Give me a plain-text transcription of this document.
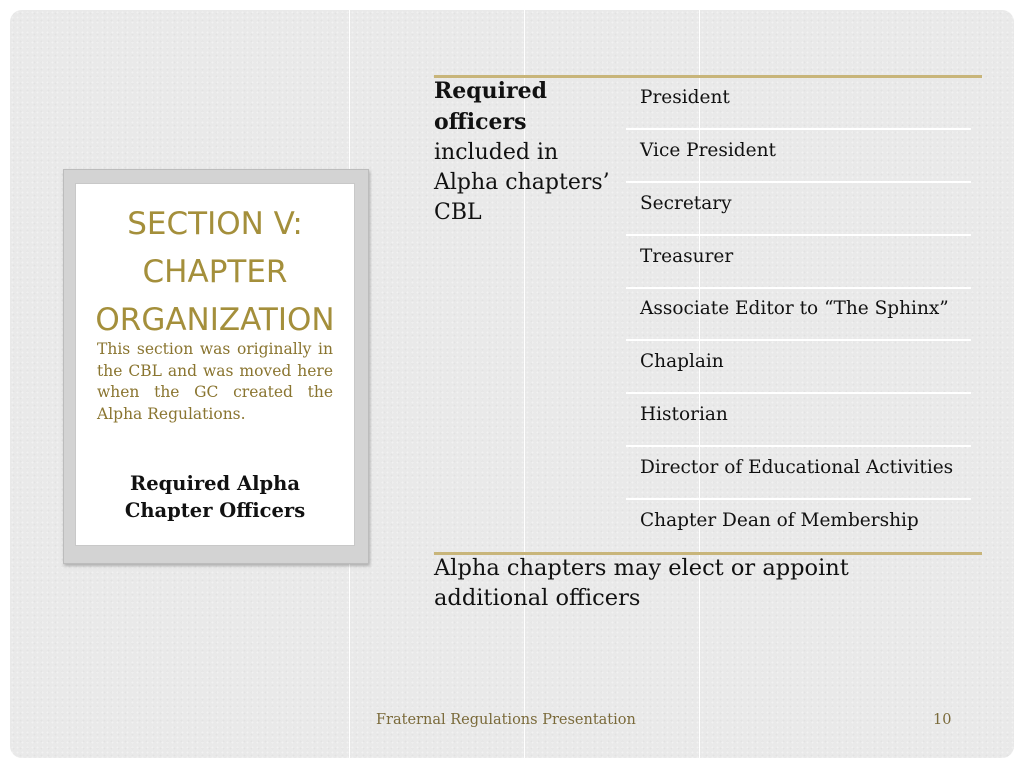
SECTION V:
CHAPTER
ORGANIZATION

This section was originally in the CBL and was moved here when the GC created the Alpha Regulations.

Required Alpha
Chapter Officers

Required officers included in Alpha chapters’ CBL
President
Vice President
Secretary
Treasurer
Associate Editor to “The Sphinx”
Chaplain
Historian
Director of Educational Activities
Chapter Dean of Membership
Alpha chapters may elect or appoint additional officers
Fraternal Regulations Presentation	10
